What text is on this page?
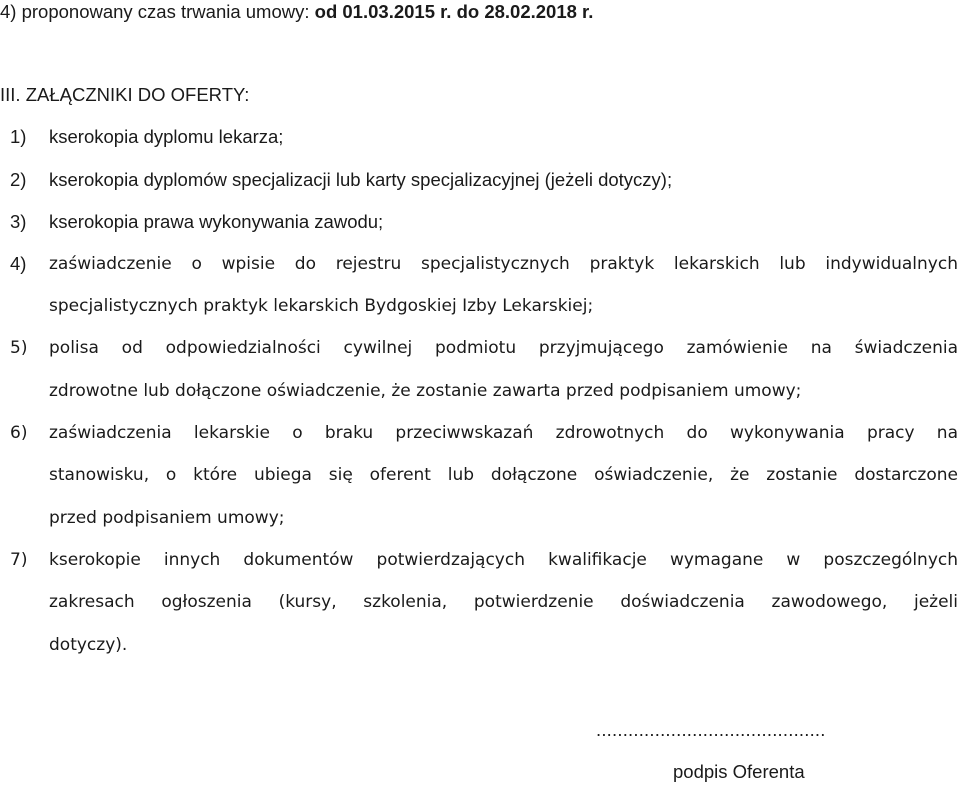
4) proponowany czas trwania umowy: od 01.03.2015 r. do 28.02.2018 r.
III. ZAŁĄCZNIKI DO OFERTY:
1) kserokopia dyplomu lekarza;
2) kserokopia dyplomów specjalizacji lub karty specjalizacyjnej (jeżeli dotyczy);
3) kserokopia prawa wykonywania zawodu;
4) zaświadczenie o wpisie do rejestru specjalistycznych praktyk lekarskich lub indywidualnych
specjalistycznych praktyk lekarskich Bydgoskiej Izby Lekarskiej;
5) polisa od odpowiedzialności cywilnej podmiotu przyjmującego zamówienie na świadczenia
zdrowotne lub dołączone oświadczenie, że zostanie zawarta przed podpisaniem umowy;
6) zaświadczenia lekarskie o braku przeciwwskazań zdrowotnych do wykonywania pracy na
stanowisku, o które ubiega się oferent lub dołączone oświadczenie, że zostanie dostarczone
przed podpisaniem umowy;
7) kserokopie innych dokumentów potwierdzających kwalifikacje wymagane w poszczególnych
zakresach ogłoszenia (kursy, szkolenia, potwierdzenie doświadczenia zawodowego, jeżeli
dotyczy).
...........................................
podpis Oferenta
